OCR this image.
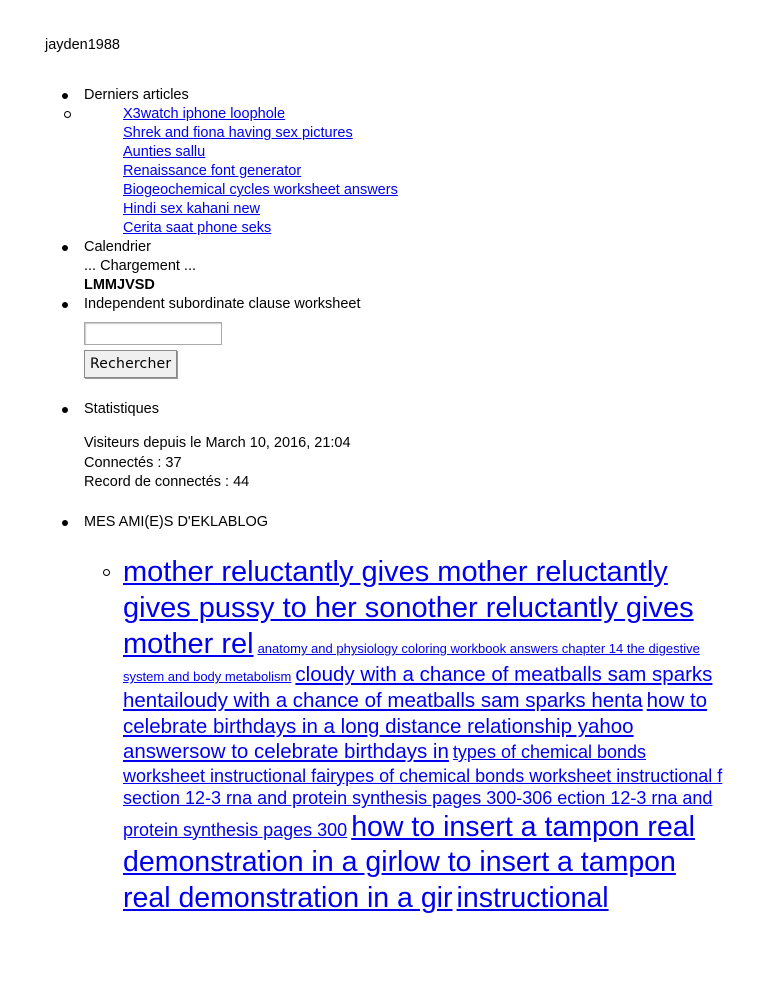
jayden1988
Derniers articles
X3watch iphone loophole
Shrek and fiona having sex pictures
Aunties sallu
Renaissance font generator
Biogeochemical cycles worksheet answers
Hindi sex kahani new
Cerita saat phone seks
Calendrier
... Chargement ...
LMMJVSD
Independent subordinate clause worksheet
Rechercher
Statistiques
Visiteurs depuis le March 10, 2016, 21:04
Connectés : 37
Record de connectés : 44
MES AMI(E)S D'EKLABLOG
mother reluctantly gives mother reluctantly gives pussy to her sonother reluctantly gives mother rel anatomy and physiology coloring workbook answers chapter 14 the digestive system and body metabolism cloudy with a chance of meatballs sam sparks hentailoudy with a chance of meatballs sam sparks henta how to celebrate birthdays in a long distance relationship yahoo answersow to celebrate birthdays in types of chemical bonds worksheet instructional fairypes of chemical bonds worksheet instructional f section 12-3 rna and protein synthesis pages 300-306 ection 12-3 rna and protein synthesis pages 300 how to insert a tampon real demonstration in a girlow to insert a tampon real demonstration in a gir instructional
